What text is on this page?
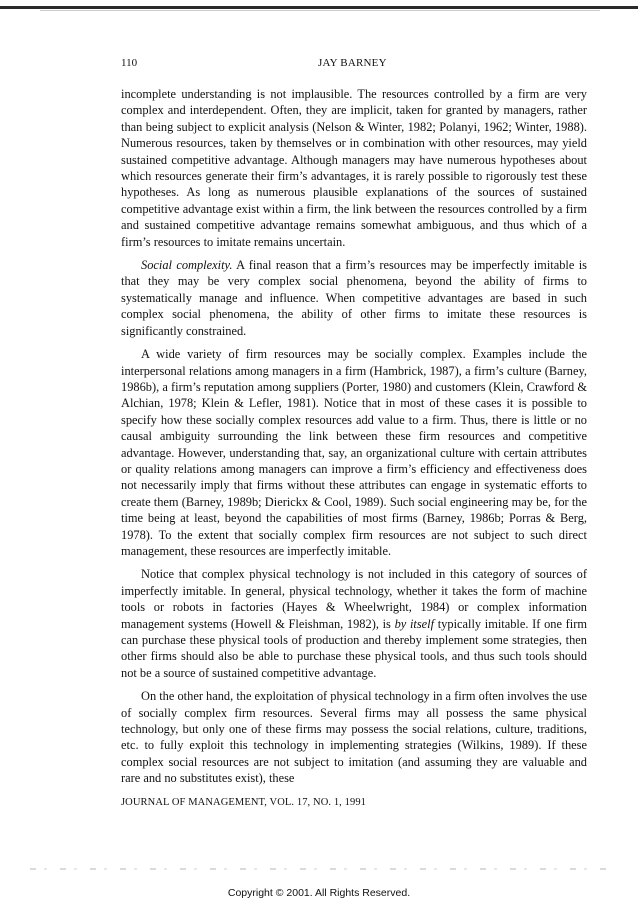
110	JAY BARNEY

incomplete understanding is not implausible. The resources controlled by a firm are very complex and interdependent. Often, they are implicit, taken for granted by managers, rather than being subject to explicit analysis (Nelson & Winter, 1982; Polanyi, 1962; Winter, 1988). Numerous resources, taken by themselves or in combination with other resources, may yield sustained competitive advantage. Although managers may have numerous hypotheses about which resources generate their firm’s advantages, it is rarely possible to rigorously test these hypotheses. As long as numerous plausible explanations of the sources of sustained competitive advantage exist within a firm, the link between the resources controlled by a firm and sustained competitive advantage remains somewhat ambiguous, and thus which of a firm’s resources to imitate remains uncertain.

Social complexity. A final reason that a firm’s resources may be imperfectly imitable is that they may be very complex social phenomena, beyond the ability of firms to systematically manage and influence. When competitive advantages are based in such complex social phenomena, the ability of other firms to imitate these resources is significantly constrained.

A wide variety of firm resources may be socially complex. Examples include the interpersonal relations among managers in a firm (Hambrick, 1987), a firm’s culture (Barney, 1986b), a firm’s reputation among suppliers (Porter, 1980) and customers (Klein, Crawford & Alchian, 1978; Klein & Lefler, 1981). Notice that in most of these cases it is possible to specify how these socially complex resources add value to a firm. Thus, there is little or no causal ambiguity surrounding the link between these firm resources and competitive advantage. However, understanding that, say, an organizational culture with certain attributes or quality relations among managers can improve a firm’s efficiency and effectiveness does not necessarily imply that firms without these attributes can engage in systematic efforts to create them (Barney, 1989b; Dierickx & Cool, 1989). Such social engineering may be, for the time being at least, beyond the capabilities of most firms (Barney, 1986b; Porras & Berg, 1978). To the extent that socially complex firm resources are not subject to such direct management, these resources are imperfectly imitable.

Notice that complex physical technology is not included in this category of sources of imperfectly imitable. In general, physical technology, whether it takes the form of machine tools or robots in factories (Hayes & Wheelwright, 1984) or complex information management systems (Howell & Fleishman, 1982), is by itself typically imitable. If one firm can purchase these physical tools of production and thereby implement some strategies, then other firms should also be able to purchase these physical tools, and thus such tools should not be a source of sustained competitive advantage.

On the other hand, the exploitation of physical technology in a firm often involves the use of socially complex firm resources. Several firms may all possess the same physical technology, but only one of these firms may possess the social relations, culture, traditions, etc. to fully exploit this technology in implementing strategies (Wilkins, 1989). If these complex social resources are not subject to imitation (and assuming they are valuable and rare and no substitutes exist), these

JOURNAL OF MANAGEMENT, VOL. 17, NO. 1, 1991
Copyright © 2001. All Rights Reserved.
